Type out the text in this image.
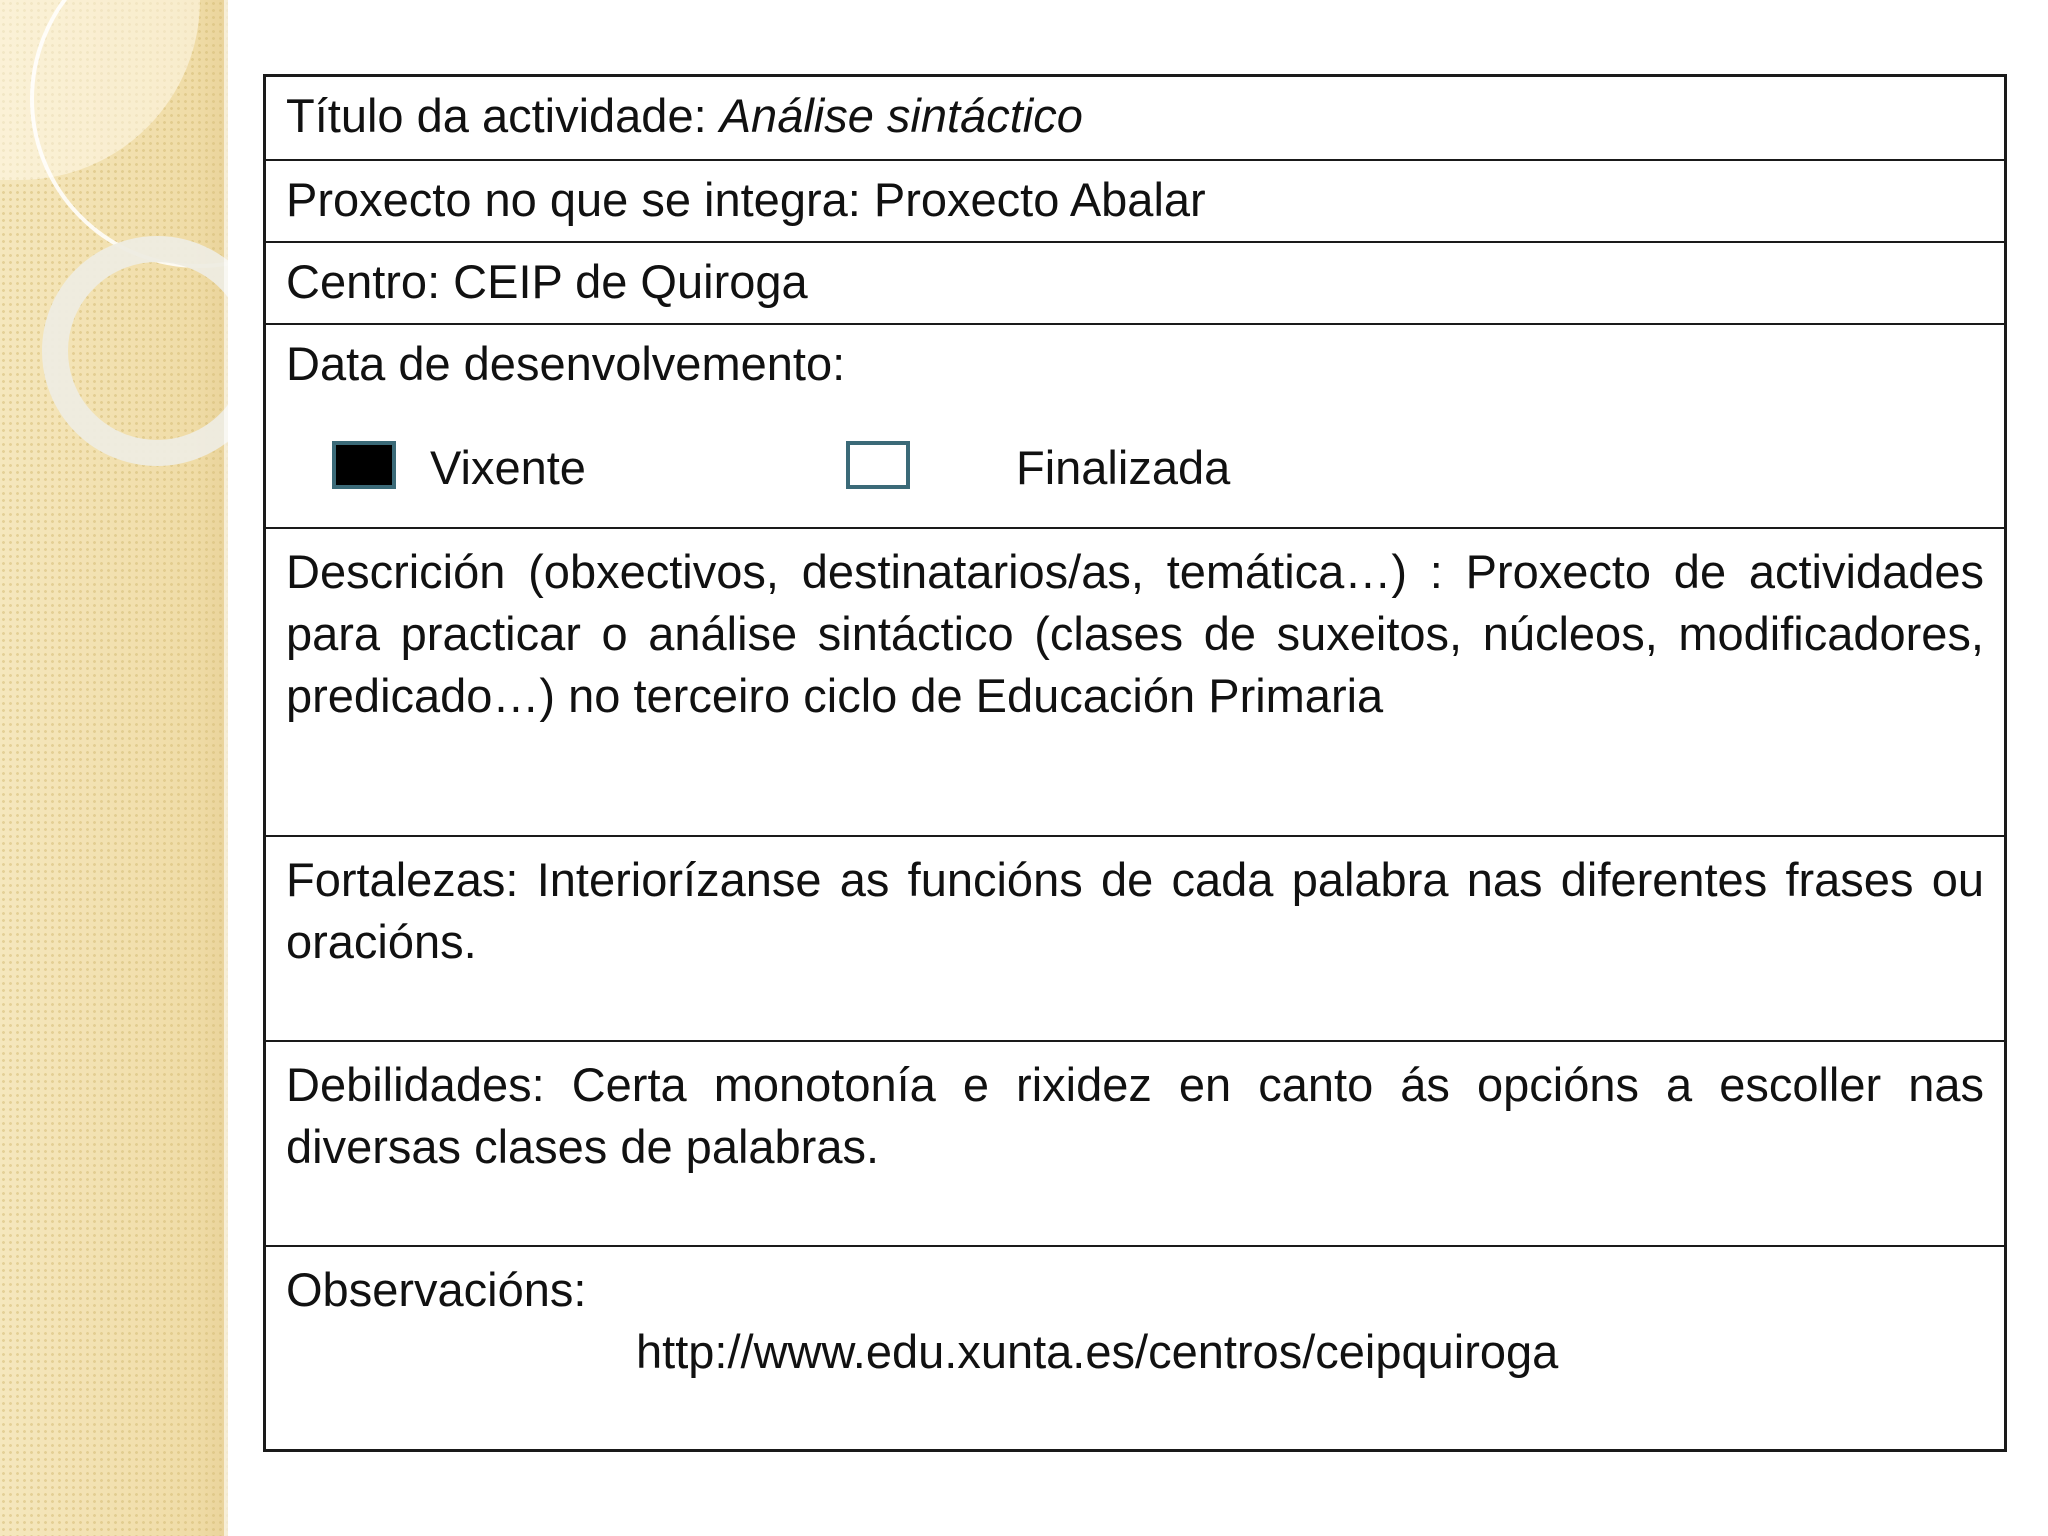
Título da actividade: Análise sintáctico
Proxecto no que se integra: Proxecto Abalar
Centro: CEIP de Quiroga
Data de desenvolvemento:
Vixente	Finalizada
Descrición (obxectivos, destinatarios/as, temática…) : Proxecto de actividades para practicar o análise sintáctico (clases de suxeitos, núcleos, modificadores, predicado…) no terceiro ciclo de Educación Primaria
Fortalezas: Interiorízanse as funcións de cada palabra nas diferentes frases ou oracións.
Debilidades: Certa monotonía e rixidez en canto ás opcións a escoller nas diversas clases de palabras.
Observacións:
http://www.edu.xunta.es/centros/ceipquiroga
